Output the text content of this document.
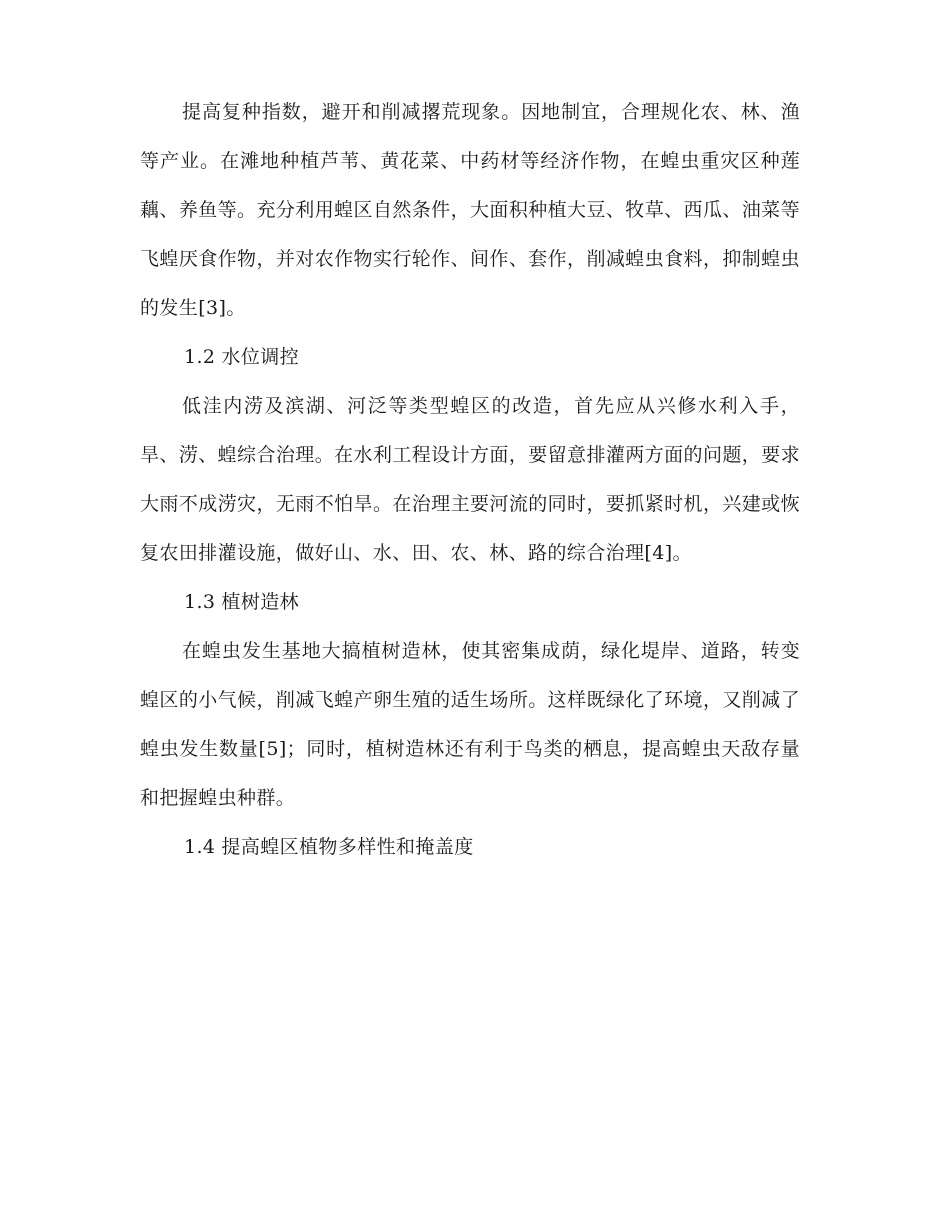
提高复种指数，避开和削减撂荒现象。因地制宜，合理规化农、林、渔等产业。在滩地种植芦苇、黄花菜、中药材等经济作物，在蝗虫重灾区种莲藕、养鱼等。充分利用蝗区自然条件，大面积种植大豆、牧草、西瓜、油菜等飞蝗厌食作物，并对农作物实行轮作、间作、套作，削减蝗虫食料，抑制蝗虫的发生[3]。

1.2 水位调控

低洼内涝及滨湖、河泛等类型蝗区的改造，首先应从兴修水利入手，旱、涝、蝗综合治理。在水利工程设计方面，要留意排灌两方面的问题，要求大雨不成涝灾，无雨不怕旱。在治理主要河流的同时，要抓紧时机，兴建或恢复农田排灌设施，做好山、水、田、农、林、路的综合治理[4]。

1.3 植树造林

在蝗虫发生基地大搞植树造林，使其密集成荫，绿化堤岸、道路，转变蝗区的小气候，削减飞蝗产卵生殖的适生场所。这样既绿化了环境，又削减了蝗虫发生数量[5]；同时，植树造林还有利于鸟类的栖息，提高蝗虫天敌存量和把握蝗虫种群。

1.4 提高蝗区植物多样性和掩盖度
